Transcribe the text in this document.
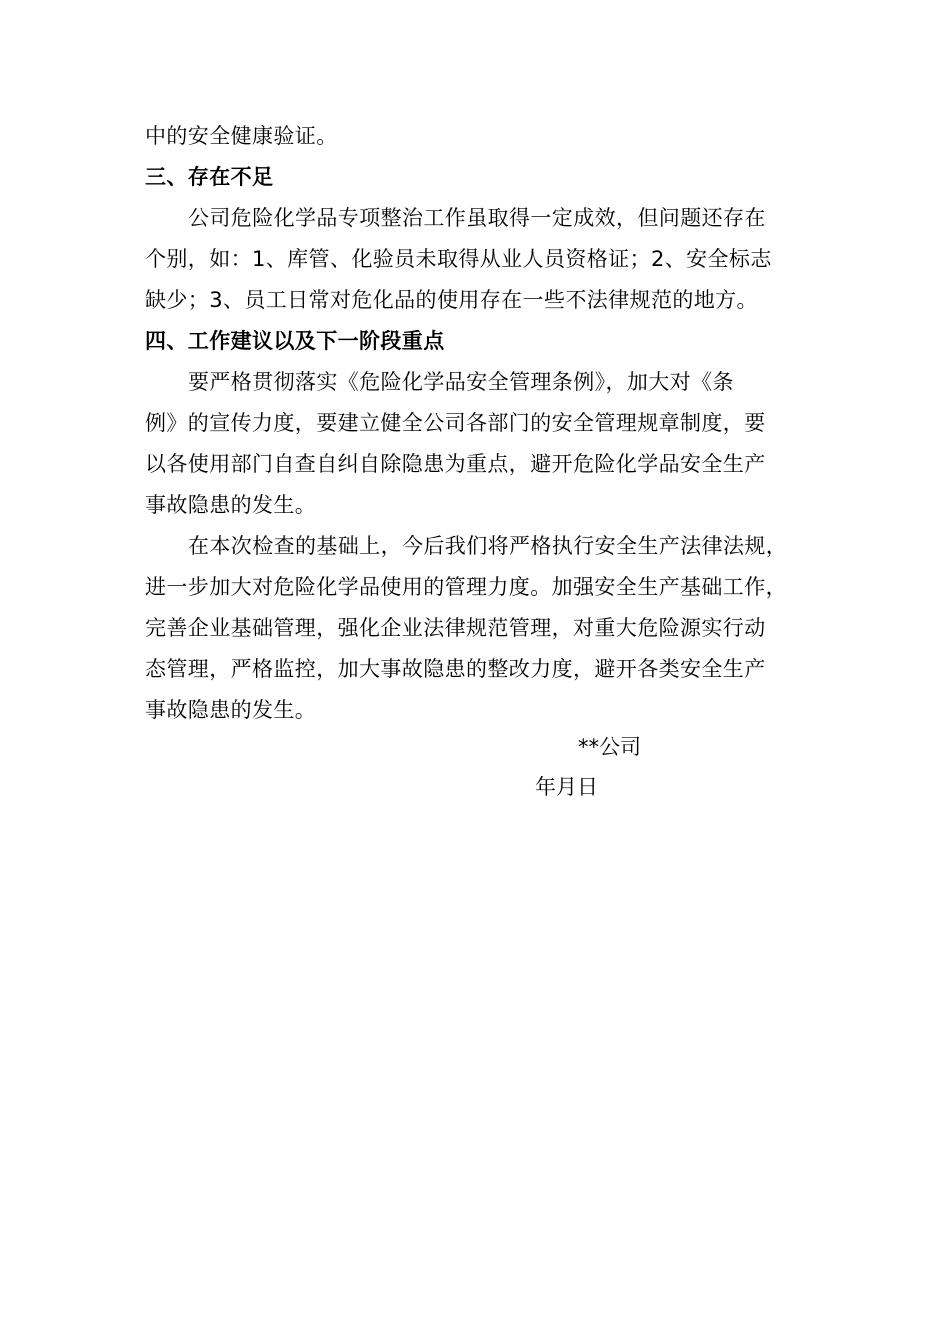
中的安全健康验证。
三、存在不足
公司危险化学品专项整治工作虽取得一定成效，但问题还存在
个别，如：1、库管、化验员未取得从业人员资格证；2、安全标志
缺少；3、员工日常对危化品的使用存在一些不法律规范的地方。
四、工作建议以及下一阶段重点
要严格贯彻落实《危险化学品安全管理条例》，加大对《条
例》的宣传力度，要建立健全公司各部门的安全管理规章制度，要
以各使用部门自查自纠自除隐患为重点，避开危险化学品安全生产
事故隐患的发生。
在本次检查的基础上，今后我们将严格执行安全生产法律法规，
进一步加大对危险化学品使用的管理力度。加强安全生产基础工作，
完善企业基础管理，强化企业法律规范管理，对重大危险源实行动
态管理，严格监控，加大事故隐患的整改力度，避开各类安全生产
事故隐患的发生。
**公司
年月日
